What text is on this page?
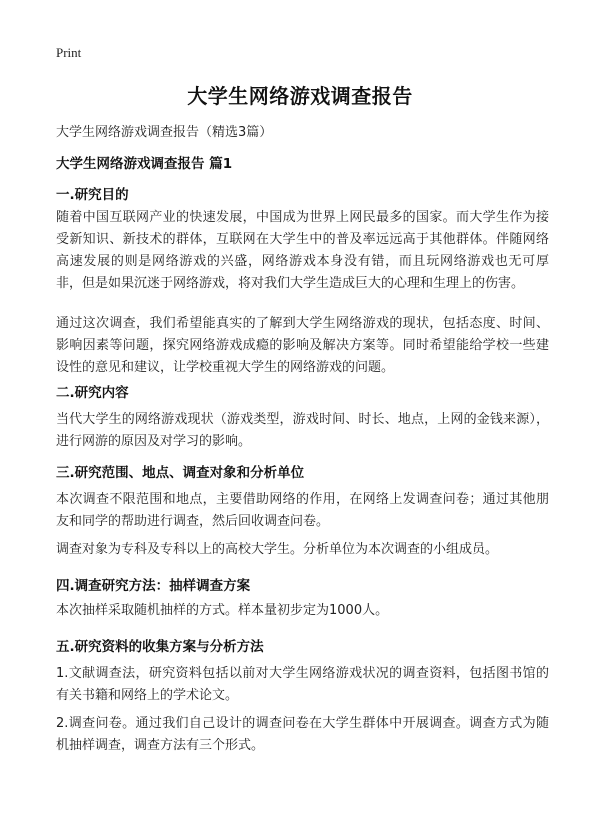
Print
大学生网络游戏调查报告
大学生网络游戏调查报告（精选3篇）
大学生网络游戏调查报告 篇1
一.研究目的
随着中国互联网产业的快速发展，中国成为世界上网民最多的国家。而大学生作为接受新知识、新技术的群体，互联网在大学生中的普及率远远高于其他群体。伴随网络高速发展的则是网络游戏的兴盛，网络游戏本身没有错，而且玩网络游戏也无可厚非，但是如果沉迷于网络游戏，将对我们大学生造成巨大的心理和生理上的伤害。
通过这次调查，我们希望能真实的了解到大学生网络游戏的现状，包括态度、时间、影响因素等问题，探究网络游戏成瘾的影响及解决方案等。同时希望能给学校一些建设性的意见和建议，让学校重视大学生的网络游戏的问题。
二.研究内容
当代大学生的网络游戏现状（游戏类型，游戏时间、时长、地点，上网的金钱来源），进行网游的原因及对学习的影响。
三.研究范围、地点、调查对象和分析单位
本次调查不限范围和地点，主要借助网络的作用，在网络上发调查问卷；通过其他朋友和同学的帮助进行调查，然后回收调查问卷。
调查对象为专科及专科以上的高校大学生。分析单位为本次调查的小组成员。
四.调查研究方法：抽样调查方案
本次抽样采取随机抽样的方式。样本量初步定为1000人。
五.研究资料的收集方案与分析方法
1.文献调查法，研究资料包括以前对大学生网络游戏状况的调查资料，包括图书馆的有关书籍和网络上的学术论文。
2.调查问卷。通过我们自己设计的调查问卷在大学生群体中开展调查。调查方式为随机抽样调查，调查方法有三个形式。
